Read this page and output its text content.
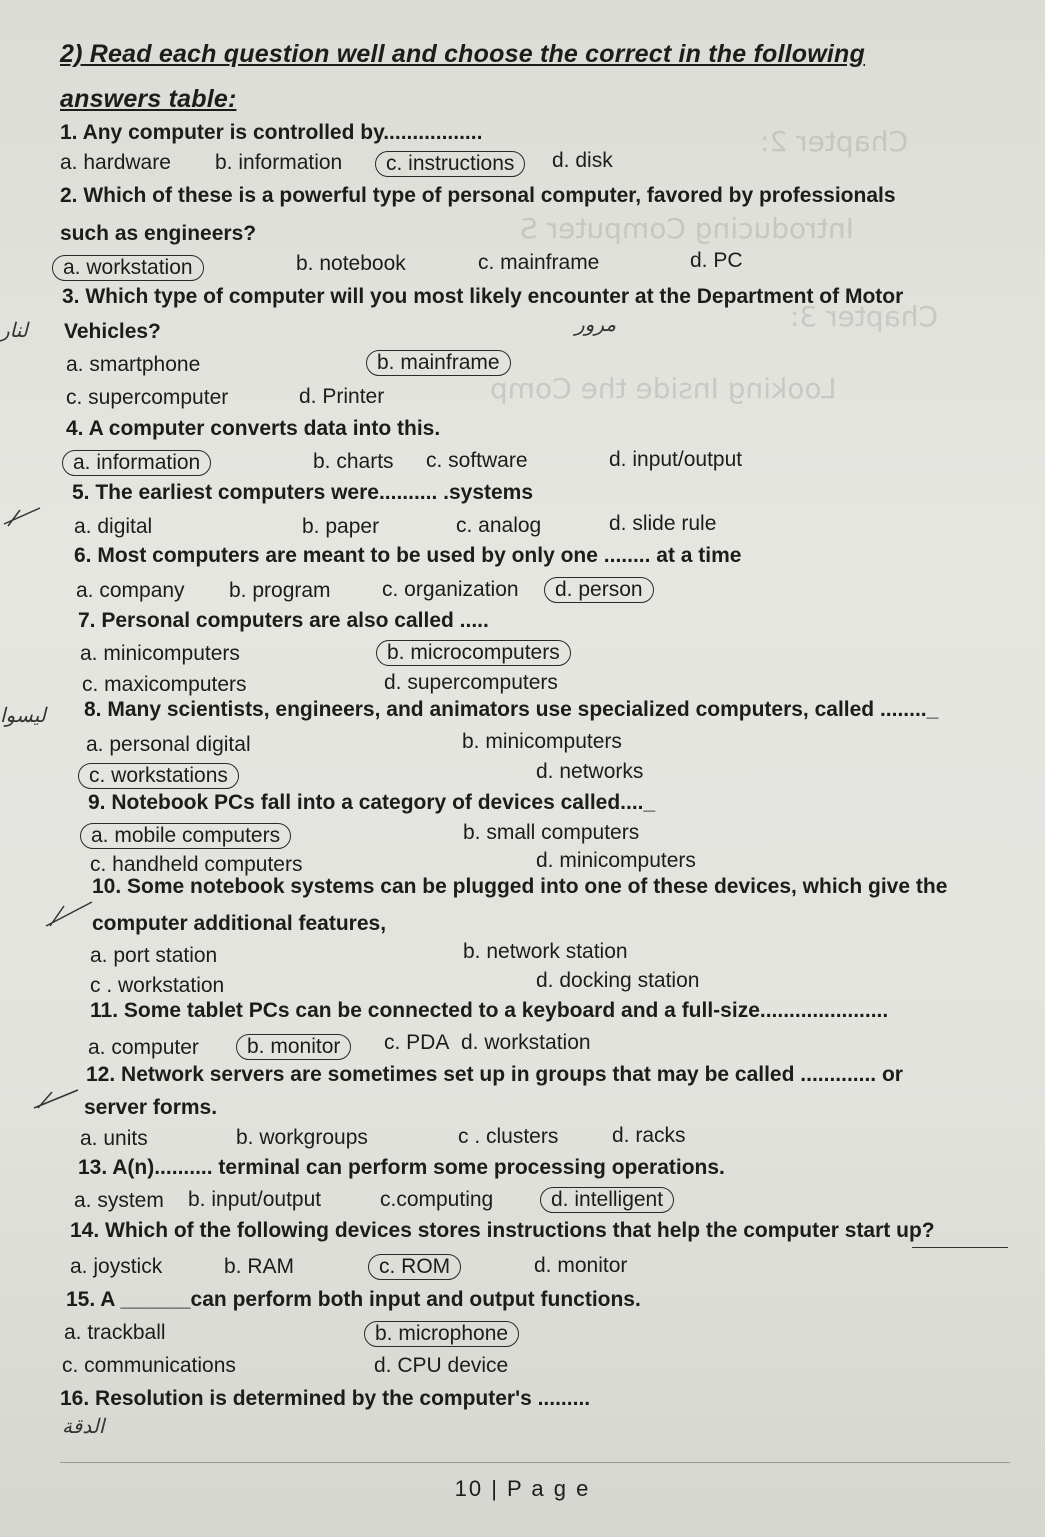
Chapter 2:
Introducing Computer S
Chapter 3:
Looking Inside the Comp
2) Read each question well and choose the correct in the following
answers table:
1. Any computer is controlled by.................
a. hardware b. information	c. instructions	d. disk
2. Which of these is a powerful type of personal computer, favored by professionals
such as engineers?
a. workstation	b. notebook	c. mainframe	d. PC
ﻟ‍ﻨﺎﺭ
3. Which type of computer will you most likely encounter at the Department of Motor
Vehicles?	ﻣﺮﻭﺭ
a. smartphone	b. mainframe
c. supercomputer	d. Printer
4. A computer converts data into this.
a. information	b. charts c. software	d. input/output
5. The earliest computers were.......... .systems
a. digital	b. paper	c. analog	d. slide rule
6. Most computers are meant to be used by only one ........ at a time
a. company b. program c. organization	d. person
7. Personal computers are also called .....
a. minicomputers	b. microcomputers
c. maxicomputers	d. supercomputers
ﻟﻴﺴﻮﺍ 8. Many scientists, engineers, and animators use specialized computers, called ........_
a. personal digital	b. minicomputers
c. workstations	d. networks
9. Notebook PCs fall into a category of devices called...._
a. mobile computers	b. small computers
c. handheld computers	d. minicomputers
10. Some notebook systems can be plugged into one of these devices, which give the
computer additional features,
a. port station	b. network station
c . workstation	d. docking station
11. Some tablet PCs can be connected to a keyboard and a full-size......................
a. computer	b. monitor	c. PDA d. workstation
12. Network servers are sometimes set up in groups that may be called ............. or
server forms.
a. units	b. workgroups	c . clusters	d. racks
13. A(n).......... terminal can perform some processing operations.
a. system b. input/output	c.computing	d. intelligent
14. Which of the following devices stores instructions that help the computer start up?
a. joystick	b. RAM	c. ROM	d. monitor
15. A ______can perform both input and output functions.
a. trackball	b. microphone
c. communications	d. CPU device
16. Resolution is determined by the computer's .........
ﺍﻟﺪﻗﺔ
10 | P a g e
